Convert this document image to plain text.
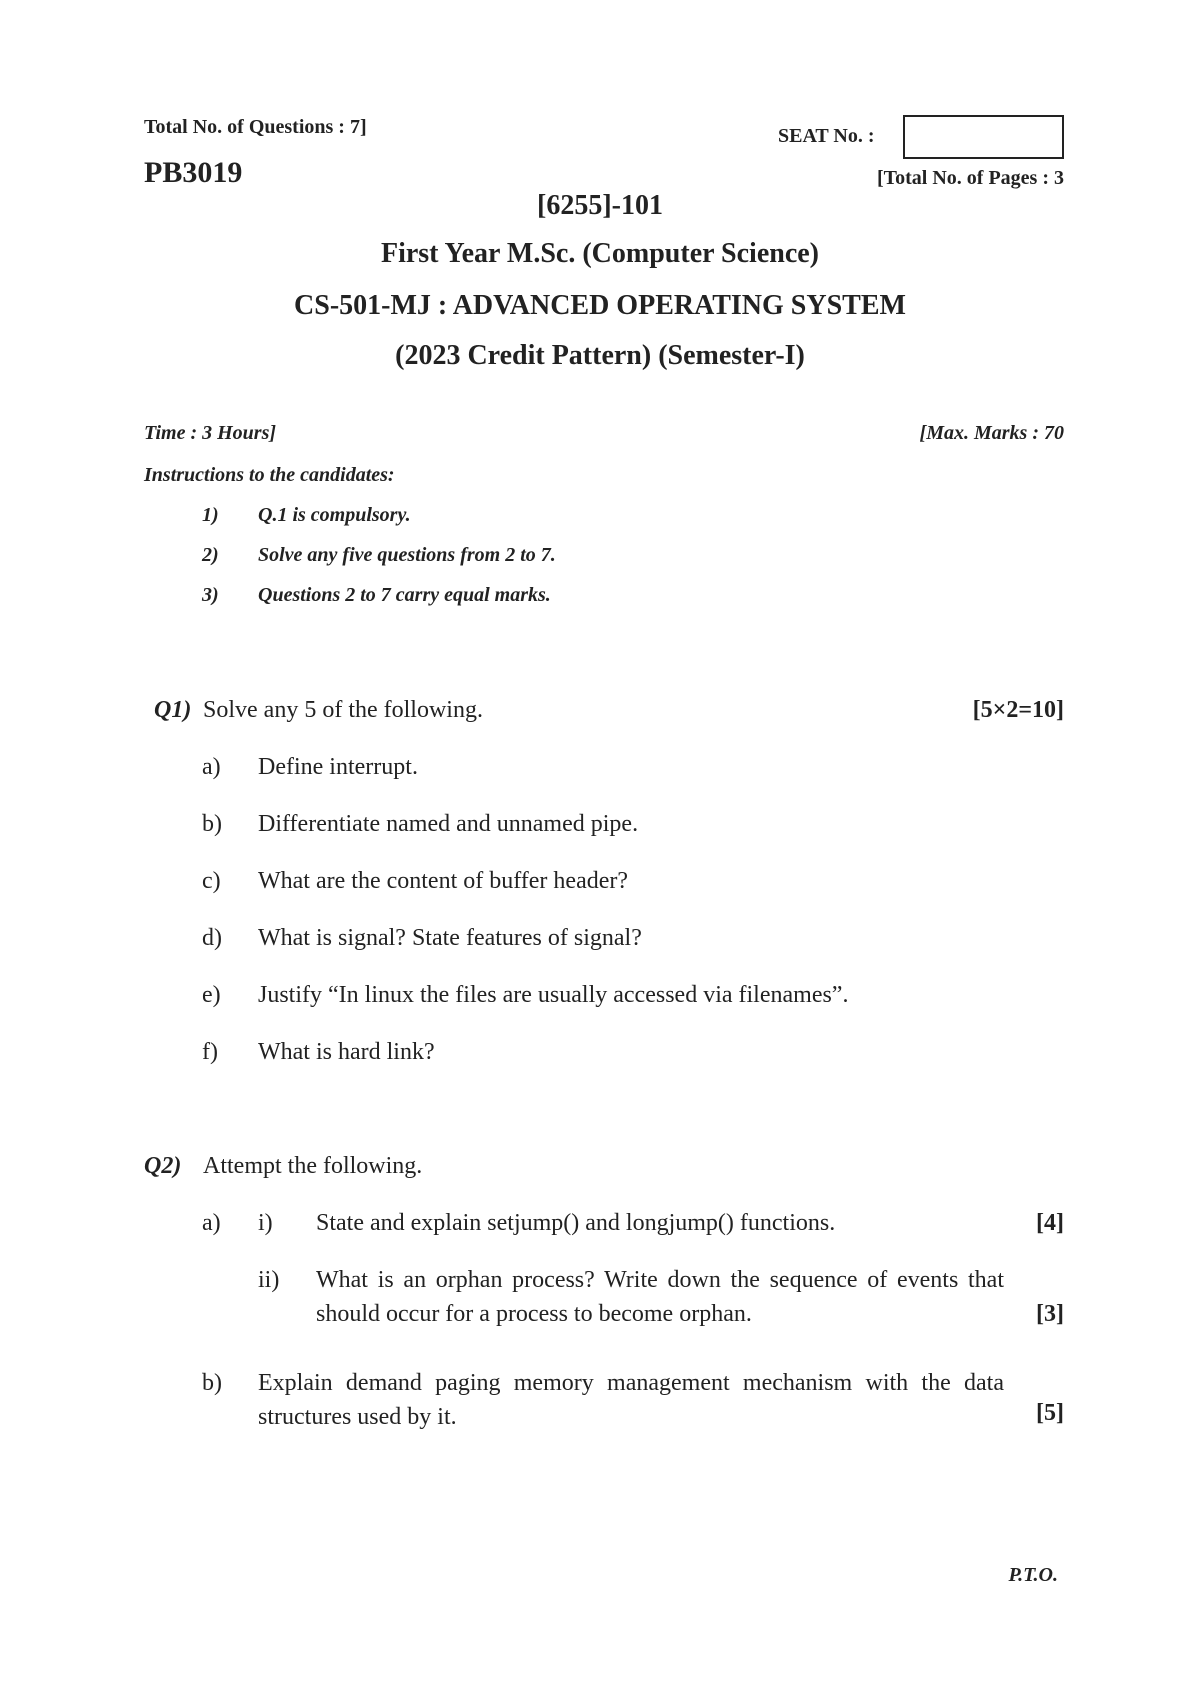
Total No. of Questions : 7]
PB3019
SEAT No. :
[Total No. of Pages : 3
[6255]-101
First Year M.Sc. (Computer Science)
CS-501-MJ : ADVANCED OPERATING SYSTEM
(2023 Credit Pattern) (Semester-I)
Time : 3 Hours]	[Max. Marks : 70
Instructions to the candidates:
1) Q.1 is compulsory.
2) Solve any five questions from 2 to 7.
3) Questions 2 to 7 carry equal marks.
Q1) Solve any 5 of the following.	[5×2=10]
a) Define interrupt.
b) Differentiate named and unnamed pipe.
c) What are the content of buffer header?
d) What is signal? State features of signal?
e) Justify “In linux the files are usually accessed via filenames”.
f) What is hard link?
Q2) Attempt the following.
a) i) State and explain setjump() and longjump() functions.	[4]
ii) What is an orphan process? Write down the sequence of events that should occur for a process to become orphan.	[3]
b) Explain demand paging memory management mechanism with the data structures used by it.	[5]
P.T.O.
